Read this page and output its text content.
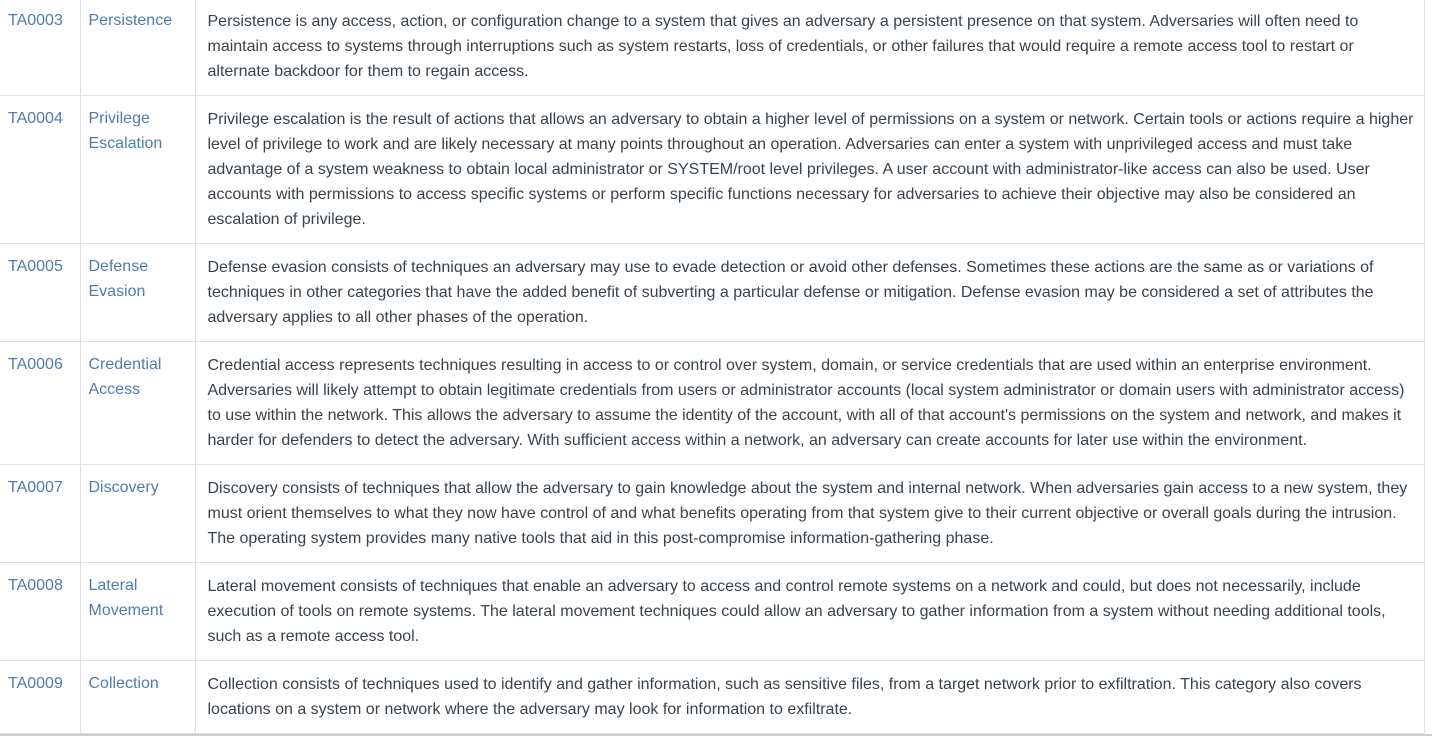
TA0003	Persistence	Persistence is any access, action, or configuration change to a system that gives an adversary a persistent presence on that system. Adversaries will often need to maintain access to systems through interruptions such as system restarts, loss of credentials, or other failures that would require a remote access tool to restart or alternate backdoor for them to regain access.
TA0004	Privilege Escalation	Privilege escalation is the result of actions that allows an adversary to obtain a higher level of permissions on a system or network. Certain tools or actions require a higher level of privilege to work and are likely necessary at many points throughout an operation. Adversaries can enter a system with unprivileged access and must take advantage of a system weakness to obtain local administrator or SYSTEM/root level privileges. A user account with administrator-like access can also be used. User accounts with permissions to access specific systems or perform specific functions necessary for adversaries to achieve their objective may also be considered an escalation of privilege.
TA0005	Defense Evasion	Defense evasion consists of techniques an adversary may use to evade detection or avoid other defenses. Sometimes these actions are the same as or variations of techniques in other categories that have the added benefit of subverting a particular defense or mitigation. Defense evasion may be considered a set of attributes the adversary applies to all other phases of the operation.
TA0006	Credential Access	Credential access represents techniques resulting in access to or control over system, domain, or service credentials that are used within an enterprise environment. Adversaries will likely attempt to obtain legitimate credentials from users or administrator accounts (local system administrator or domain users with administrator access) to use within the network. This allows the adversary to assume the identity of the account, with all of that account's permissions on the system and network, and makes it harder for defenders to detect the adversary. With sufficient access within a network, an adversary can create accounts for later use within the environment.
TA0007	Discovery	Discovery consists of techniques that allow the adversary to gain knowledge about the system and internal network. When adversaries gain access to a new system, they must orient themselves to what they now have control of and what benefits operating from that system give to their current objective or overall goals during the intrusion. The operating system provides many native tools that aid in this post-compromise information-gathering phase.
TA0008	Lateral Movement	Lateral movement consists of techniques that enable an adversary to access and control remote systems on a network and could, but does not necessarily, include execution of tools on remote systems. The lateral movement techniques could allow an adversary to gather information from a system without needing additional tools, such as a remote access tool.
TA0009	Collection	Collection consists of techniques used to identify and gather information, such as sensitive files, from a target network prior to exfiltration. This category also covers locations on a system or network where the adversary may look for information to exfiltrate.
